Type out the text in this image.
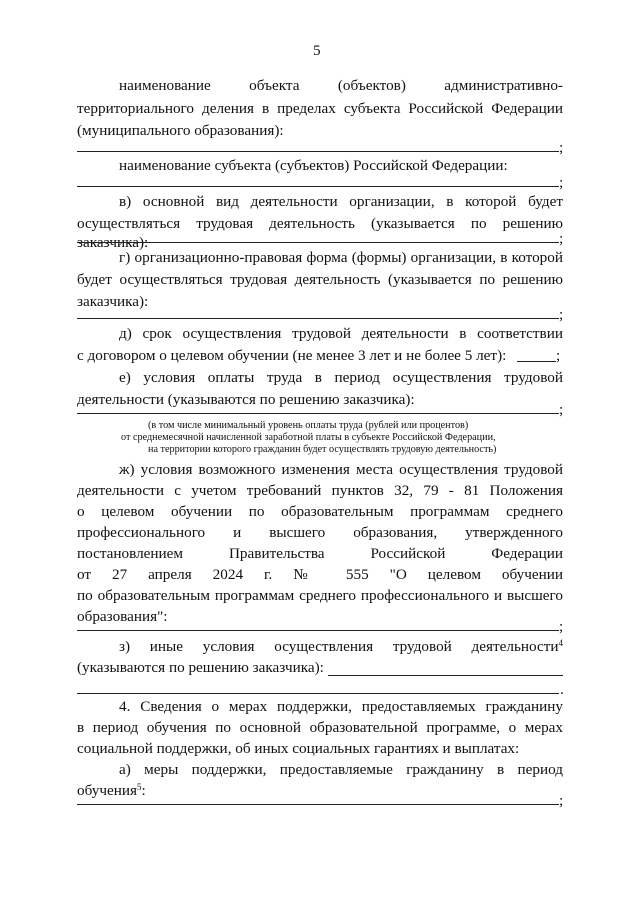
5
наименование объекта (объектов) административно-
территориального деления в пределах субъекта Российской Федерации
(муниципального образования):
;
наименование субъекта (субъектов) Российской Федерации:
;
в) основной вид деятельности организации, в которой будет
осуществляться трудовая деятельность (указывается по решению заказчика):	;
г) организационно-правовая форма (формы) организации, в которой
будет осуществляться трудовая деятельность (указывается по решению
заказчика):
;
д) срок осуществления трудовой деятельности в соответствии
с договором о целевом обучении (не менее 3 лет и не более 5 лет):	;
е) условия оплаты труда в период осуществления трудовой
деятельности (указываются по решению заказчика):
;
(в том числе минимальный уровень оплаты труда (рублей или процентов)
от среднемесячной начисленной заработной платы в субъекте Российской Федерации,
на территории которого гражданин будет осуществлять трудовую деятельность)
ж) условия возможного изменения места осуществления трудовой
деятельности с учетом требований пунктов 32, 79 - 81 Положения
о целевом обучении по образовательным программам среднего
профессионального и высшего образования, утвержденного
постановлением Правительства Российской Федерации
от 27 апреля 2024 г. № 555 "О целевом обучении
по образовательным программам среднего профессионального и высшего
образования":
;
з) иные условия осуществления трудовой деятельности$^4$
(указываются по решению заказчика):
.
4. Сведения о мерах поддержки, предоставляемых гражданину
в период обучения по основной образовательной программе, о мерах
социальной поддержки, об иных социальных гарантиях и выплатах:
а) меры поддержки, предоставляемые гражданину в период
обучения$^5$:
;
